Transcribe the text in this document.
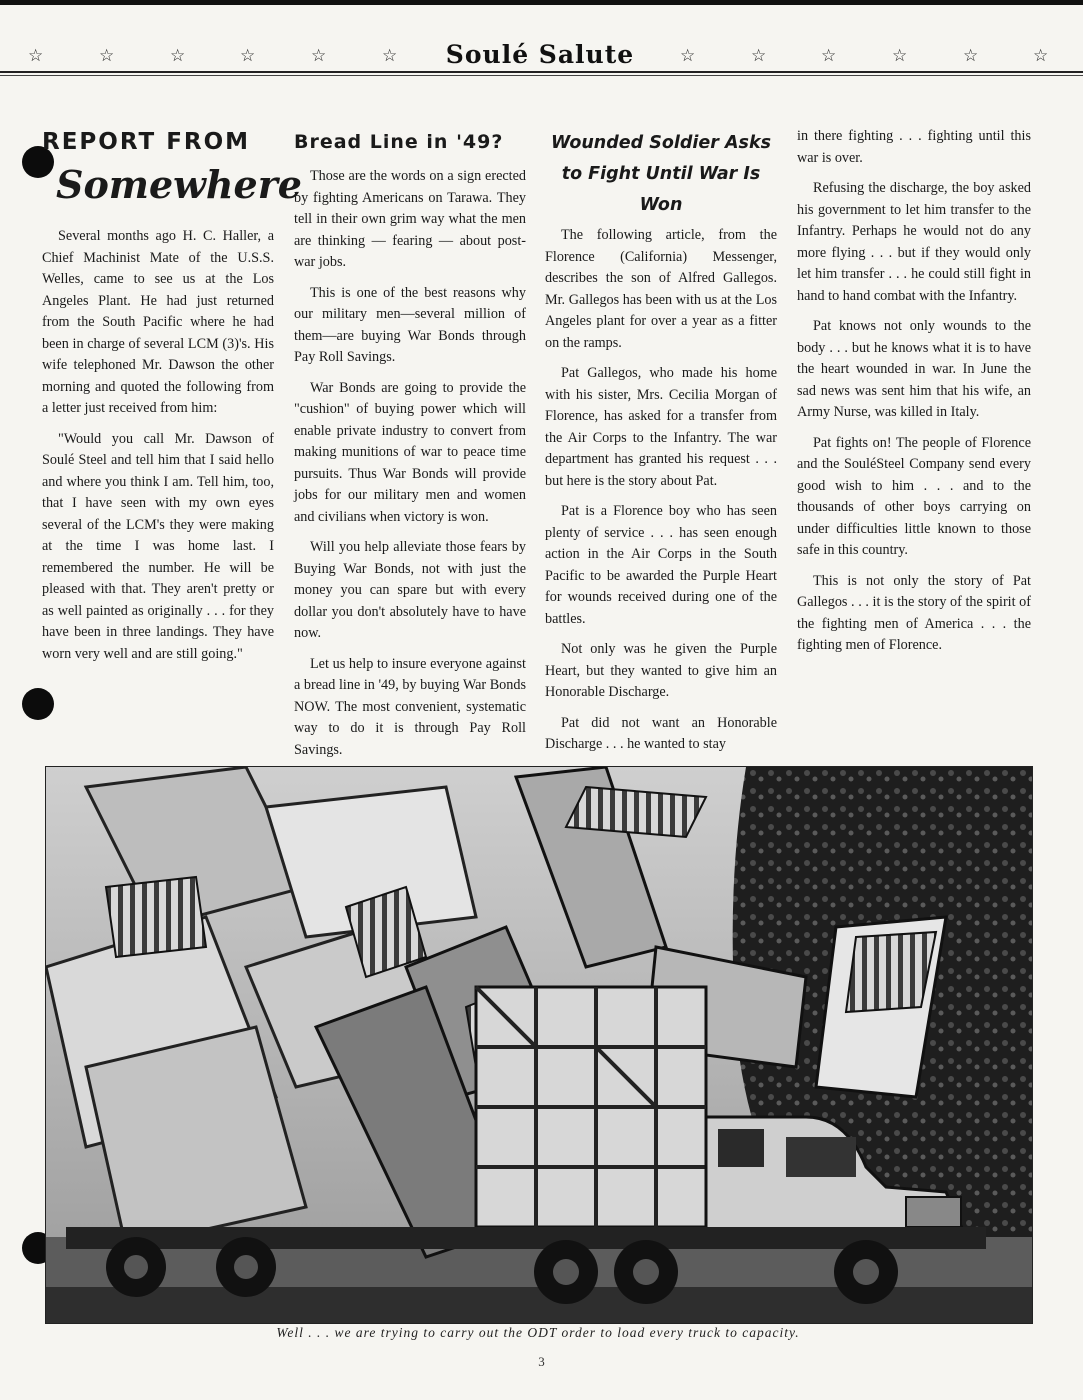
☆	☆	☆	☆	☆	☆	Soulé Salute	☆	☆	☆	☆	☆	☆
REPORT FROM
Somewhere

Several months ago H. C. Haller, a Chief Machinist Mate of the U.S.S. Welles, came to see us at the Los Angeles Plant. He had just returned from the South Pacific where he had been in charge of several LCM (3)'s. His wife telephoned Mr. Dawson the other morning and quoted the following from a letter just received from him:

"Would you call Mr. Dawson of Soulé Steel and tell him that I said hello and where you think I am. Tell him, too, that I have seen with my own eyes several of the LCM's they were making at the time I was home last. I remembered the number. He will be pleased with that. They aren't pretty or as well painted as originally . . . for they have been in three landings. They have worn very well and are still going."

Bread Line in '49?

Those are the words on a sign erected by fighting Americans on Tarawa. They tell in their own grim way what the men are thinking — fearing — about post-war jobs.

This is one of the best reasons why our military men—several million of them—are buying War Bonds through Pay Roll Savings.

War Bonds are going to provide the "cushion" of buying power which will enable private industry to convert from making munitions of war to peace time pursuits. Thus War Bonds will provide jobs for our military men and women and civilians when victory is won.

Will you help alleviate those fears by Buying War Bonds, not with just the money you can spare but with every dollar you don't absolutely have to have now.

Let us help to insure everyone against a bread line in '49, by buying War Bonds NOW. The most convenient, systematic way to do it is through Pay Roll Savings.

Wounded Soldier Asks to Fight Until War Is Won

The following article, from the Florence (California) Messenger, describes the son of Alfred Gallegos. Mr. Gallegos has been with us at the Los Angeles plant for over a year as a fitter on the ramps.

Pat Gallegos, who made his home with his sister, Mrs. Cecilia Morgan of Florence, has asked for a transfer from the Air Corps to the Infantry. The war department has granted his request . . . but here is the story about Pat.

Pat is a Florence boy who has seen plenty of service . . . has seen enough action in the Air Corps in the South Pacific to be awarded the Purple Heart for wounds received during one of the battles.

Not only was he given the Purple Heart, but they wanted to give him an Honorable Discharge.

Pat did not want an Honorable Discharge . . . he wanted to stay

in there fighting . . . fighting until this war is over.

Refusing the discharge, the boy asked his government to let him transfer to the Infantry. Perhaps he would not do any more flying . . . but if they would only let him transfer . . . he could still fight in hand to hand combat with the Infantry.

Pat knows not only wounds to the body . . . but he knows what it is to have the heart wounded in war. In June the sad news was sent him that his wife, an Army Nurse, was killed in Italy.

Pat fights on! The people of Florence and the SouléSteel Company send every good wish to him . . . and to the thousands of other boys carrying on under difficulties little known to those safe in this country.

This is not only the story of Pat Gallegos . . . it is the story of the spirit of the fighting men of America . . . the fighting men of Florence.

Well . . . we are trying to carry out the ODT order to load every truck to capacity.
3
